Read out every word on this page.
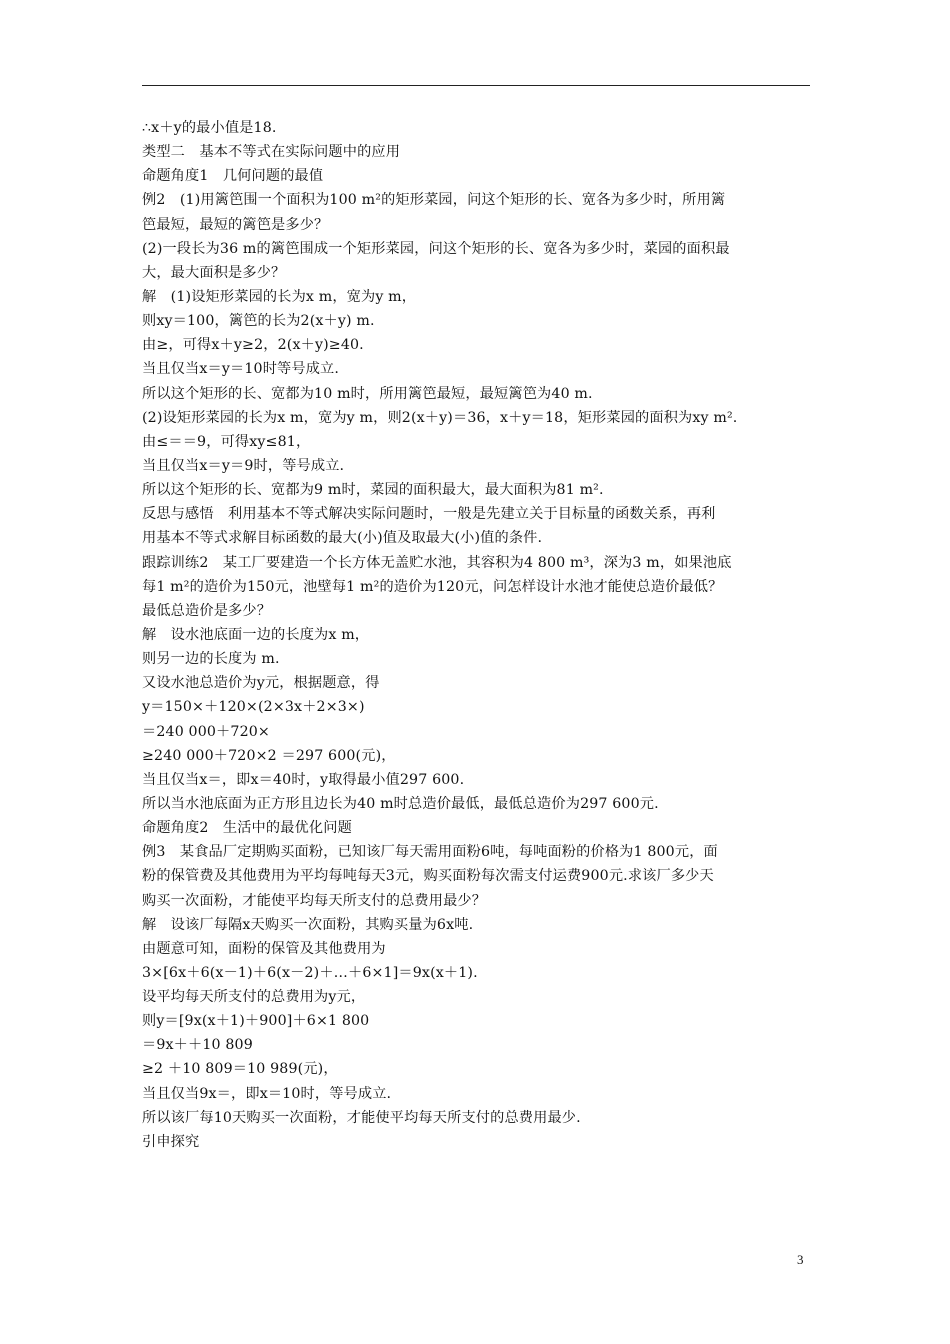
∴x＋y的最小值是18.
类型二　基本不等式在实际问题中的应用
命题角度1　几何问题的最值
例2　(1)用篱笆围一个面积为100 m²的矩形菜园，问这个矩形的长、宽各为多少时，所用篱
笆最短，最短的篱笆是多少？
(2)一段长为36 m的篱笆围成一个矩形菜园，问这个矩形的长、宽各为多少时，菜园的面积最
大，最大面积是多少？
解　(1)设矩形菜园的长为x m，宽为y m，
则xy＝100，篱笆的长为2(x＋y) m.
由≥，可得x＋y≥2，2(x＋y)≥40.
当且仅当x＝y＝10时等号成立.
所以这个矩形的长、宽都为10 m时，所用篱笆最短，最短篱笆为40 m.
(2)设矩形菜园的长为x m，宽为y m，则2(x＋y)＝36，x＋y＝18，矩形菜园的面积为xy m².
由≤＝＝9，可得xy≤81，
当且仅当x＝y＝9时，等号成立.
所以这个矩形的长、宽都为9 m时，菜园的面积最大，最大面积为81 m².
反思与感悟　利用基本不等式解决实际问题时，一般是先建立关于目标量的函数关系，再利
用基本不等式求解目标函数的最大(小)值及取最大(小)值的条件.
跟踪训练2　某工厂要建造一个长方体无盖贮水池，其容积为4 800 m³，深为3 m，如果池底
每1 m²的造价为150元，池壁每1 m²的造价为120元，问怎样设计水池才能使总造价最低？
最低总造价是多少？
解　设水池底面一边的长度为x m，
则另一边的长度为 m.
又设水池总造价为y元，根据题意，得
y＝150×＋120×(2×3x＋2×3×)
＝240 000＋720×
≥240 000＋720×2 ＝297 600(元)，
当且仅当x＝，即x＝40时，y取得最小值297 600.
所以当水池底面为正方形且边长为40 m时总造价最低，最低总造价为297 600元.
命题角度2　生活中的最优化问题
例3　某食品厂定期购买面粉，已知该厂每天需用面粉6吨，每吨面粉的价格为1 800元，面
粉的保管费及其他费用为平均每吨每天3元，购买面粉每次需支付运费900元.求该厂多少天
购买一次面粉，才能使平均每天所支付的总费用最少？
解　设该厂每隔x天购买一次面粉，其购买量为6x吨.
由题意可知，面粉的保管及其他费用为
3×[6x＋6(x－1)＋6(x－2)＋…＋6×1]＝9x(x＋1).
设平均每天所支付的总费用为y元，
则y＝[9x(x＋1)＋900]＋6×1 800
＝9x＋＋10 809
≥2 ＋10 809＝10 989(元)，
当且仅当9x＝，即x＝10时，等号成立.
所以该厂每10天购买一次面粉，才能使平均每天所支付的总费用最少.
引申探究
3
